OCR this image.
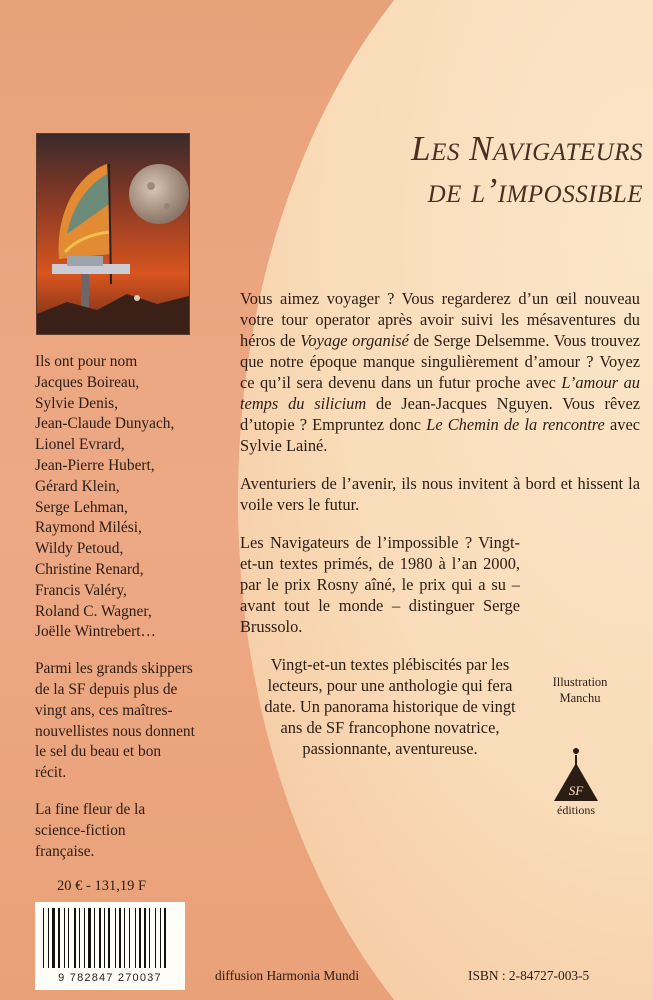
Les Navigateurs
de l’impossible

Vous aimez voyager ? Vous regarderez d’un œil nouveau votre tour operator après avoir suivi les mésaventures du héros de Voyage organisé de Serge Delsemme. Vous trouvez que notre époque manque singulièrement d’amour ? Voyez ce qu’il sera devenu dans un futur proche avec L’amour au temps du silicium de Jean-Jacques Nguyen. Vous rêvez d’utopie ? Empruntez donc Le Chemin de la rencontre avec Sylvie Lainé.

Aventuriers de l’avenir, ils nous invitent à bord et hissent la voile vers le futur.

Les Navigateurs de l’impossible ? Vingt-et-un textes primés, de 1980 à l’an 2000, par le prix Rosny aîné, le prix qui a su – avant tout le monde – distinguer Serge Brussolo.

Vingt-et-un textes plébiscités par les lecteurs, pour une anthologie qui fera date. Un panorama historique de vingt ans de SF francophone novatrice, passionnante, aventureuse.

Ils ont pour nom
Jacques Boireau,
Sylvie Denis,
Jean-Claude Dunyach,
Lionel Evrard,
Jean-Pierre Hubert,
Gérard Klein,
Serge Lehman,
Raymond Milési,
Wildy Petoud,
Christine Renard,
Francis Valéry,
Roland C. Wagner,
Joëlle Wintrebert…

Parmi les grands skippers de la SF depuis plus de vingt ans, ces maîtres-nouvellistes nous donnent le sel du beau et bon récit.

La fine fleur de la science-fiction française.

Illustration
Manchu
SF
éditions
20 € - 131,19 F
9 782847 270037	diffusion Harmonia Mundi	ISBN : 2-84727-003-5
